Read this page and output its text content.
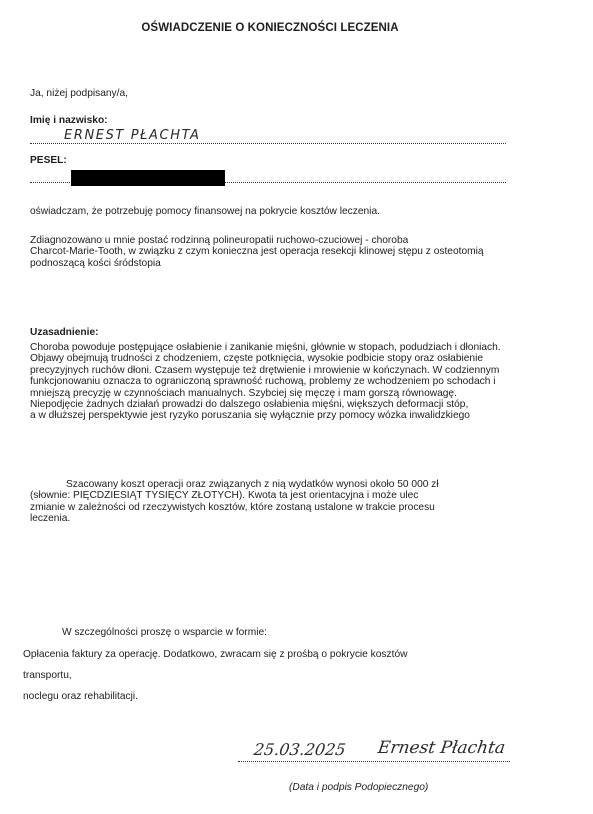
OŚWIADCZENIE O KONIECZNOŚCI LECZENIA
Ja, niżej podpisany/a,
Imię i nazwisko:
ERNEST PŁACHTA
PESEL:
oświadczam, że potrzebuję pomocy finansowej na pokrycie kosztów leczenia.
Zdiagnozowano u mnie postać rodzinną polineuropatii ruchowo-czuciowej - choroba
Charcot-Marie-Tooth, w związku z czym konieczna jest operacja resekcji klinowej stępu z osteotomią
podnoszącą kości śródstopia
Uzasadnienie:
Choroba powoduje postępujące osłabienie i zanikanie mięśni, głównie w stopach, podudziach i dłoniach.
Objawy obejmują trudności z chodzeniem, częste potknięcia, wysokie podbicie stopy oraz osłabienie
precyzyjnych ruchów dłoni. Czasem występuje też drętwienie i mrowienie w kończynach. W codziennym
funkcjonowaniu oznacza to ograniczoną sprawność ruchową, problemy ze wchodzeniem po schodach i
mniejszą precyzję w czynnościach manualnych. Szybciej się męczę i mam gorszą równowagę.
Niepodjęcie żadnych działań prowadzi do dalszego osłabienia mięśni, większych deformacji stóp,
a w dłuższej perspektywie jest ryzyko poruszania się wyłącznie przy pomocy wózka inwalidzkiego
Szacowany koszt operacji oraz związanych z nią wydatków wynosi około 50 000 zł
(słownie: PIĘCDZIESIĄT TYSIĘCY ZŁOTYCH). Kwota ta jest orientacyjna i może ulec
zmianie w zależności od rzeczywistych kosztów, które zostaną ustalone w trakcie procesu
leczenia.
W szczególności proszę o wsparcie w formie:
Opłacenia faktury za operację. Dodatkowo, zwracam się z prośbą o pokrycie kosztów
transportu,
noclegu oraz rehabilitacji.
25.03.2025 Ernest Płachta
(Data i podpis Podopiecznego)
